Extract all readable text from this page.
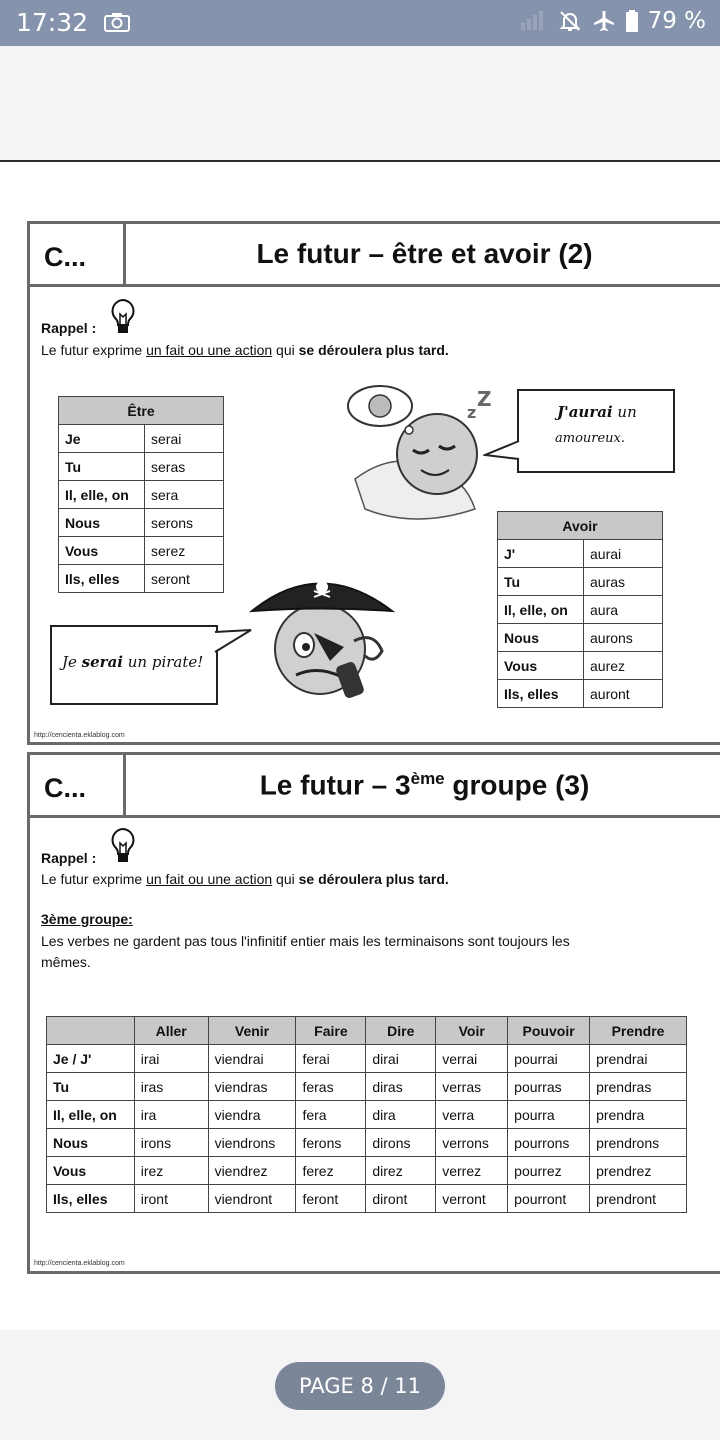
17:32	79 %
C...	Le futur – être et avoir (2)
Rappel :
Le futur exprime un fait ou une action qui se déroulera plus tard.
Être	
Je	serai
Tu	seras
Il, elle, on	sera
Nous	serons
Vous	serez
Ils, elles	seront
Avoir	
J'	aurai
Tu	auras
Il, elle, on	aura
Nous	aurons
Vous	aurez
Ils, elles	auront
z
Z
J'aurai un
amoureux.
Je serai un pirate!
http://cencienta.eklablog.com
C...	Le futur – 3ème groupe (3)
Rappel :
Le futur exprime un fait ou une action qui se déroulera plus tard.
3ème groupe:
Les verbes ne gardent pas tous l'infinitif entier mais les terminaisons sont toujours les
mêmes.
	Aller	Venir	Faire	Dire	Voir	Pouvoir	Prendre
Je / J'	irai	viendrai	ferai	dirai	verrai	pourrai	prendrai
Tu	iras	viendras	feras	diras	verras	pourras	prendras
Il, elle, on	ira	viendra	fera	dira	verra	pourra	prendra
Nous	irons	viendrons	ferons	dirons	verrons	pourrons	prendrons
Vous	irez	viendrez	ferez	direz	verrez	pourrez	prendrez
Ils, elles	iront	viendront	feront	diront	verront	pourront	prendront
http://cencienta.eklablog.com
PAGE 8 / 11
